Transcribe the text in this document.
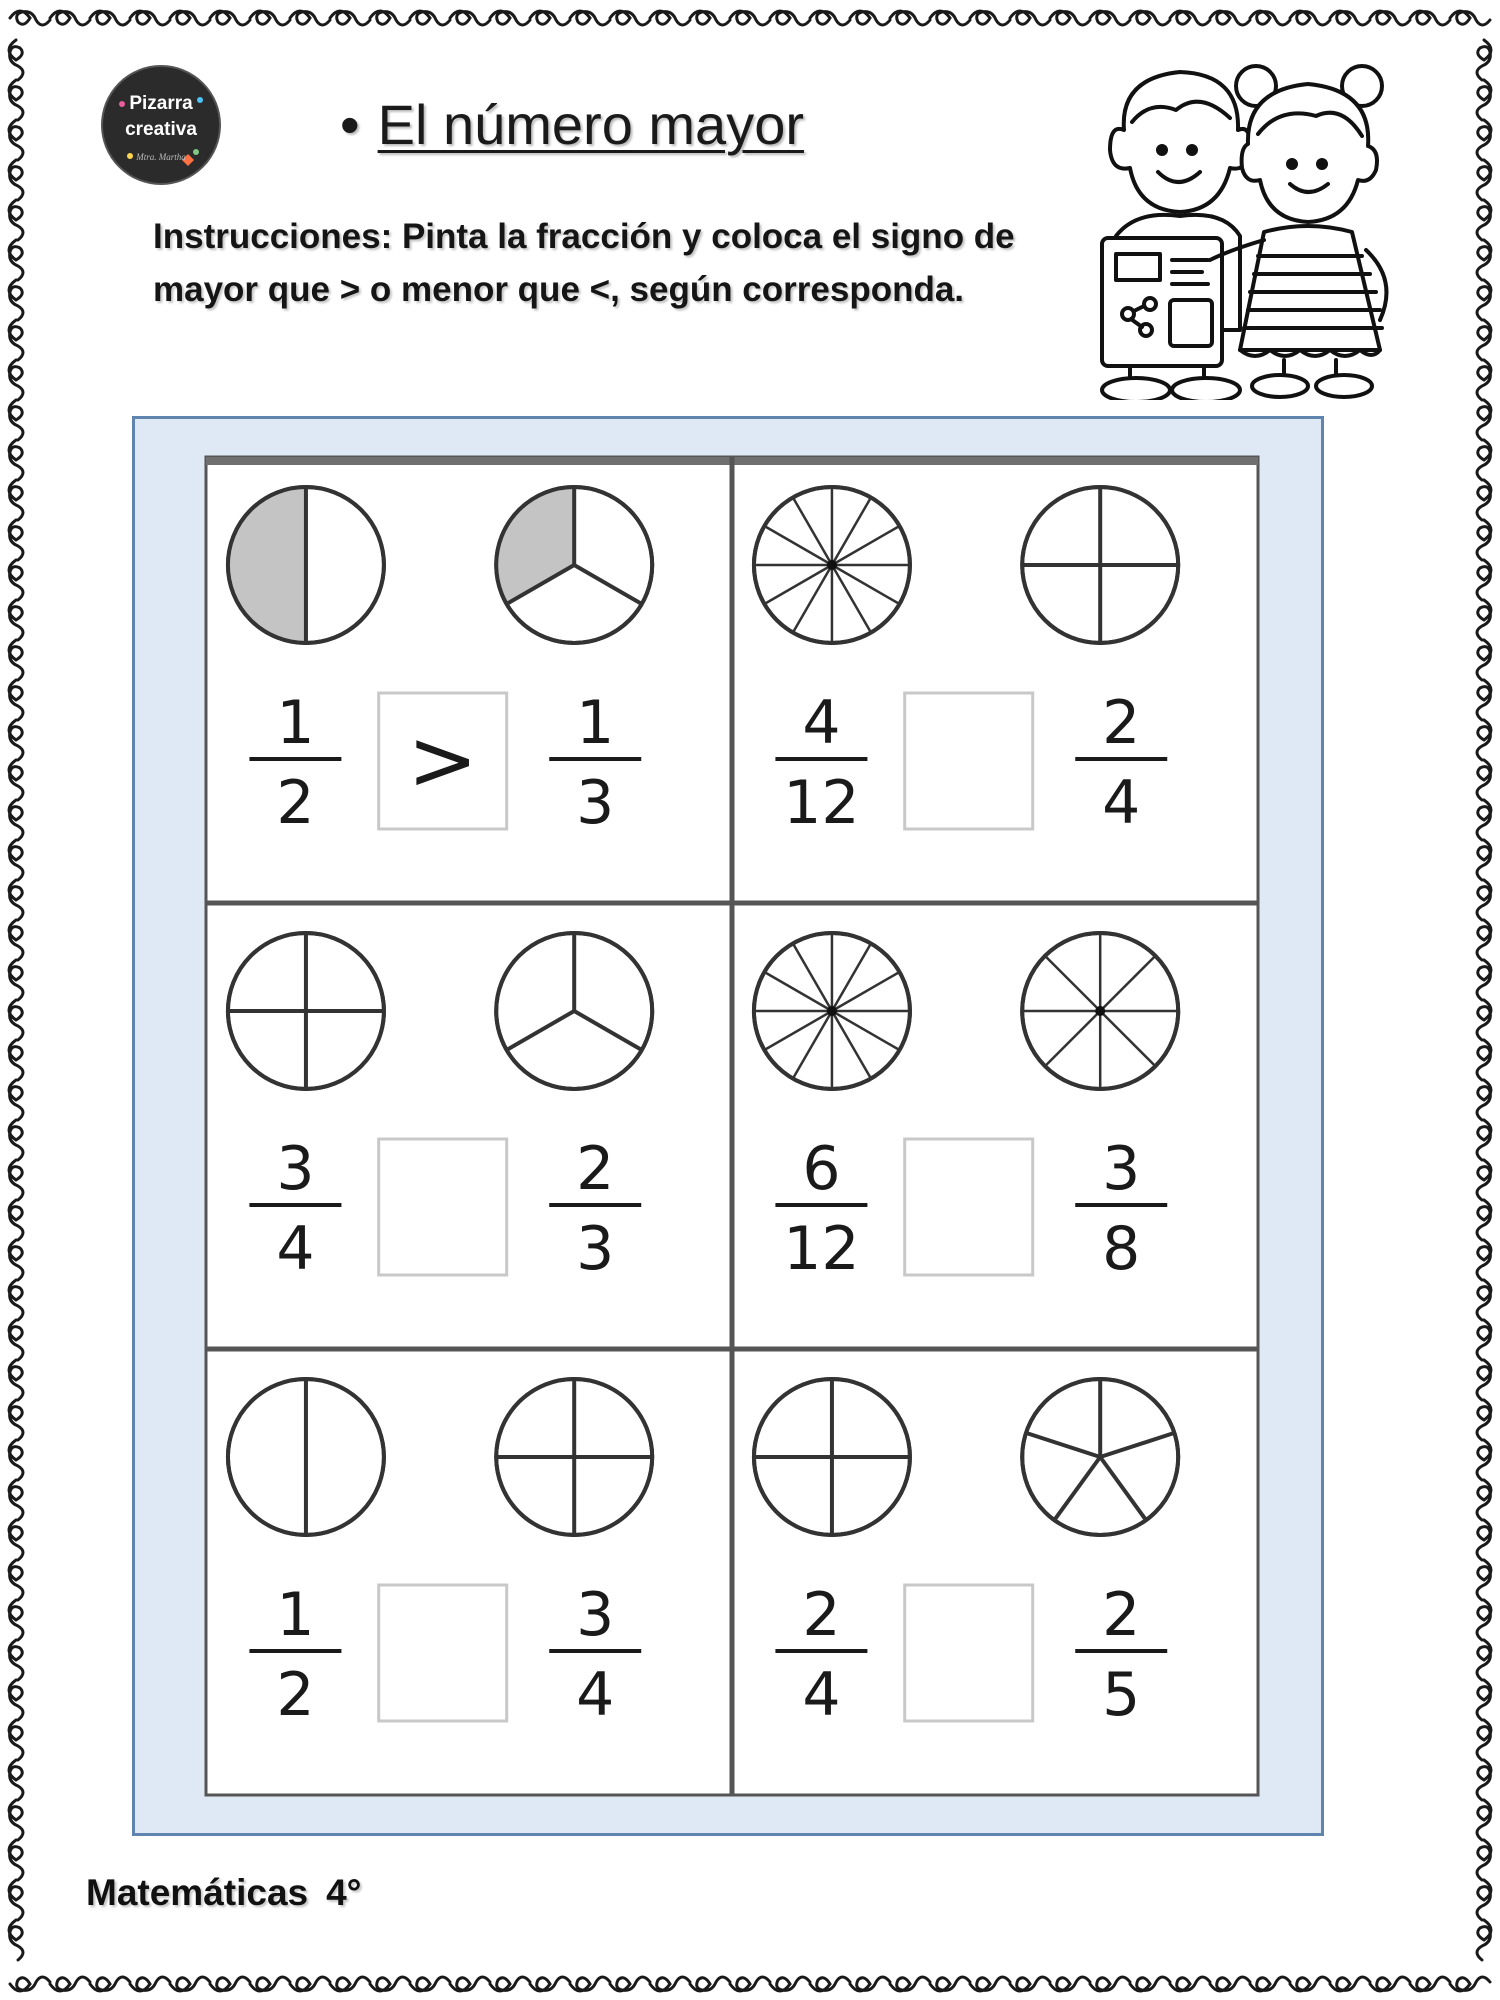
Pizarra
creativa
Mtra. Martha
• El número mayor
Instrucciones: Pinta la fracción y coloca el signo de mayor que > o menor que <, según corresponda.
1
2
1
3
>	4
12
2
4
3
4
2
3
6
12
3
8
1
2
3
4
2
4
2
5
Matemáticas 4°
